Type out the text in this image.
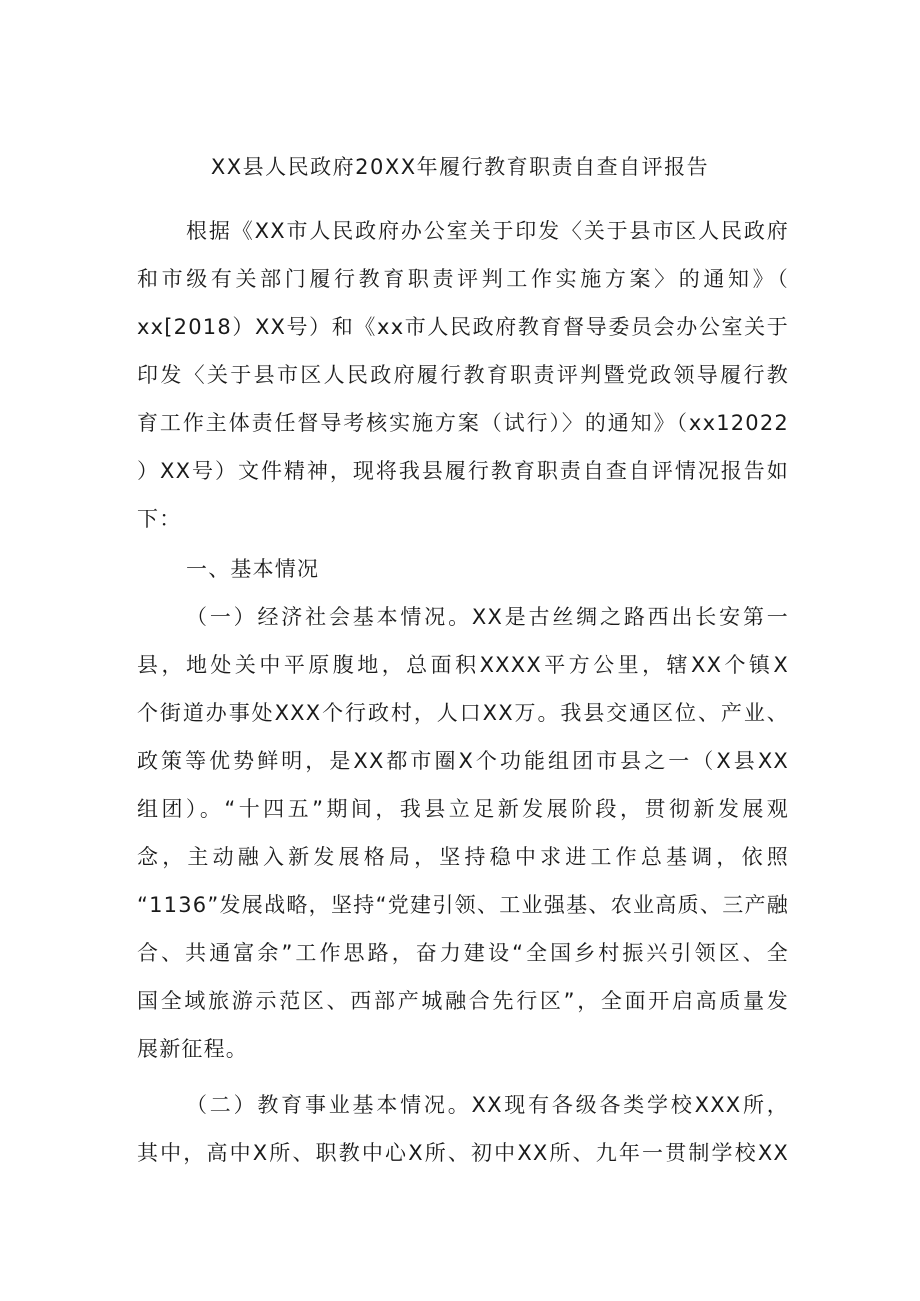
XX县人民政府20XX年履行教育职责自查自评报告
根据《XX市人民政府办公室关于印发〈关于县市区人民政府
和市级有关部门履行教育职责评判工作实施方案〉的通知》（
xx[2018）XX号）和《xx市人民政府教育督导委员会办公室关于
印发〈关于县市区人民政府履行教育职责评判暨党政领导履行教
育工作主体责任督导考核实施方案（试行）〉的通知》（xx12022
）XX号）文件精神，现将我县履行教育职责自查自评情况报告如
下：
一、基本情况
（一）经济社会基本情况。XX是古丝绸之路西出长安第一
县，地处关中平原腹地，总面积XXXX平方公里，辖XX个镇X
个街道办事处XXX个行政村，人口XX万。我县交通区位、产业、
政策等优势鲜明，是XX都市圈X个功能组团市县之一（X县XX
组团）。“十四五”期间，我县立足新发展阶段，贯彻新发展观
念，主动融入新发展格局，坚持稳中求进工作总基调，依照
“1136”发展战略，坚持“党建引领、工业强基、农业高质、三产融
合、共通富余”工作思路，奋力建设“全国乡村振兴引领区、全
国全域旅游示范区、西部产城融合先行区”，全面开启高质量发
展新征程。
（二）教育事业基本情况。XX现有各级各类学校XXX所，
其中，高中X所、职教中心X所、初中XX所、九年一贯制学校XX
